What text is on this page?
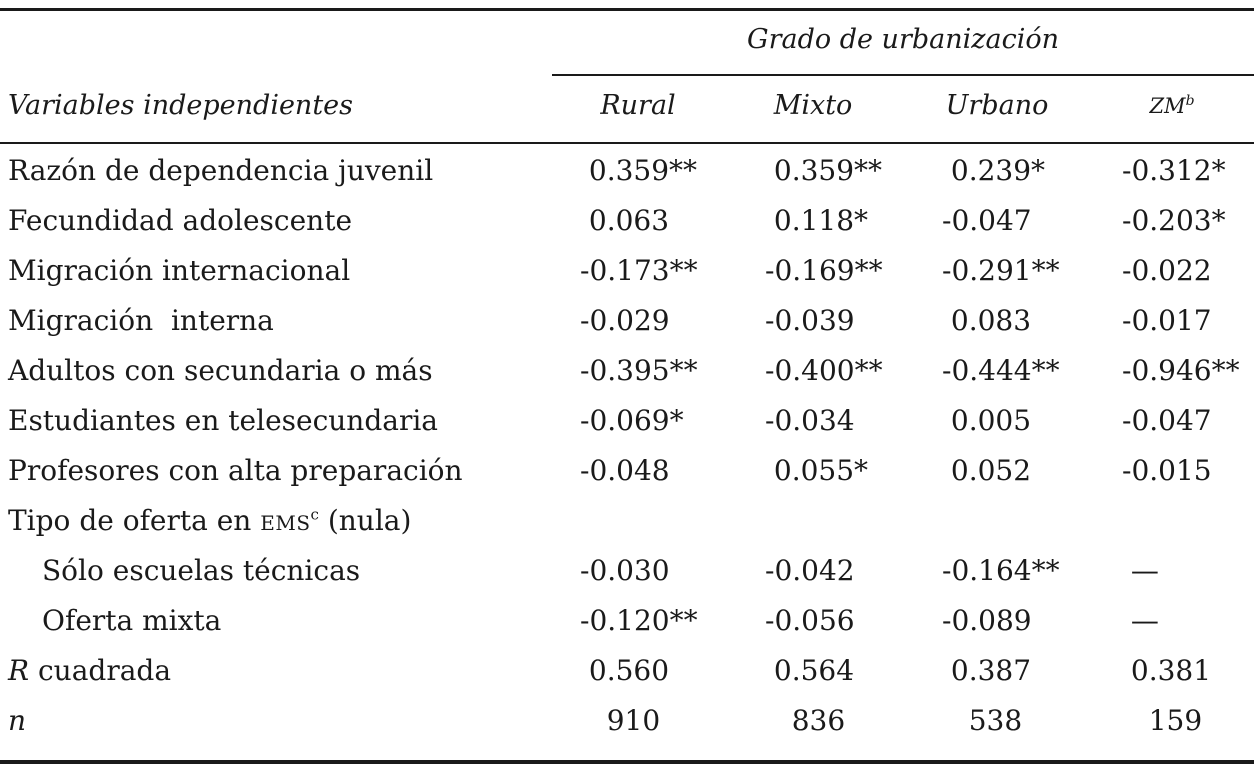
Grado de urbanización
Variables independientes	Rural	Mixto	Urbano	$ZM^b$
Razón de dependencia juvenil	0.359** 0.359** 0.239*	-0.312*
Fecundidad adolescente	0.063	0.118*	-0.047	-0.203*
Migración internacional	-0.173** -0.169** -0.291** -0.022
Migración  interna	-0.029	-0.039	0.083	-0.017
Adultos con secundaria o más	-0.395** -0.400** -0.444** -0.946**
Estudiantes en telesecundaria	-0.069*	-0.034	0.005	-0.047
Profesores con alta preparación	-0.048	0.055*	0.052	-0.015
Tipo de oferta en EMS$^c$ (nula)
Sólo escuelas técnicas	-0.030	-0.042	-0.164** —
Oferta mixta	-0.120** -0.056	-0.089	—
R cuadrada	0.560	0.564	0.387	0.381
n	910	836	538	159
